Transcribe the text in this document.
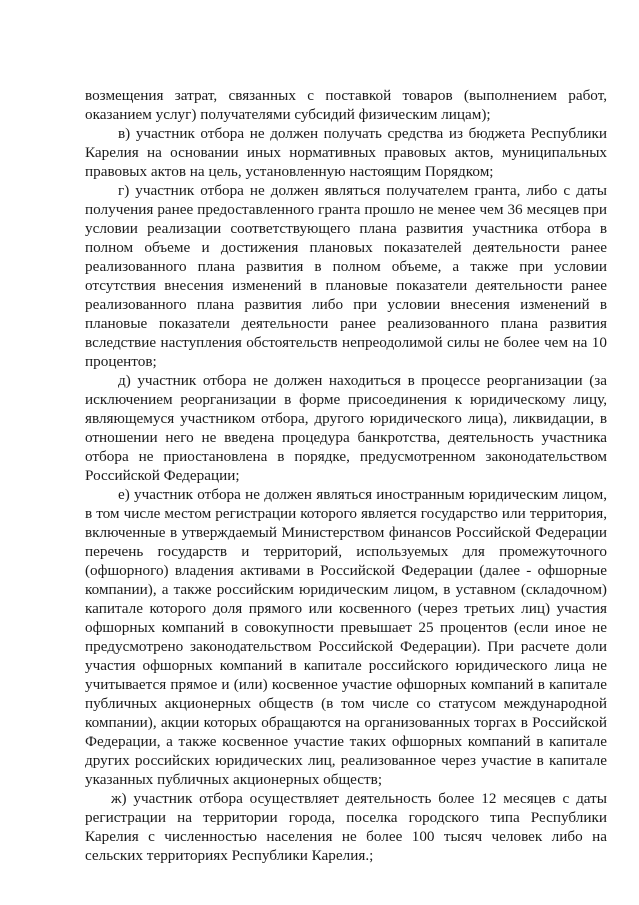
возмещения затрат, связанных с поставкой товаров (выполнением работ, оказанием услуг) получателями субсидий физическим лицам);

в) участник отбора не должен получать средства из бюджета Республики Карелия на основании иных нормативных правовых актов, муниципальных правовых актов на цель, установленную настоящим Порядком;

г) участник отбора не должен являться получателем гранта, либо с даты получения ранее предоставленного гранта прошло не менее чем 36 месяцев при условии реализации соответствующего плана развития участника отбора в полном объеме и достижения плановых показателей деятельности ранее реализованного плана развития в полном объеме, а также при условии отсутствия внесения изменений в плановые показатели деятельности ранее реализованного плана развития либо при условии внесения изменений в плановые показатели деятельности ранее реализованного плана развития вследствие наступления обстоятельств непреодолимой силы не более чем на 10 процентов;

д) участник отбора не должен находиться в процессе реорганизации (за исключением реорганизации в форме присоединения к юридическому лицу, являющемуся участником отбора, другого юридического лица), ликвидации, в отношении него не введена процедура банкротства, деятельность участника отбора не приостановлена в порядке, предусмотренном законодательством Российской Федерации;

е) участник отбора не должен являться иностранным юридическим лицом, в том числе местом регистрации которого является государство или территория, включенные в утверждаемый Министерством финансов Российской Федерации перечень государств и территорий, используемых для промежуточного (офшорного) владения активами в Российской Федерации (далее - офшорные компании), а также российским юридическим лицом, в уставном (складочном) капитале которого доля прямого или косвенного (через третьих лиц) участия офшорных компаний в совокупности превышает 25 процентов (если иное не предусмотрено законодательством Российской Федерации). При расчете доли участия офшорных компаний в капитале российского юридического лица не учитывается прямое и (или) косвенное участие офшорных компаний в капитале публичных акционерных обществ (в том числе со статусом международной компании), акции которых обращаются на организованных торгах в Российской Федерации, а также косвенное участие таких офшорных компаний в капитале других российских юридических лиц, реализованное через участие в капитале указанных публичных акционерных обществ;

ж) участник отбора осуществляет деятельность более 12 месяцев с даты регистрации на территории города, поселка городского типа Республики Карелия с численностью населения не более 100 тысяч человек либо на сельских территориях Республики Карелия.;
